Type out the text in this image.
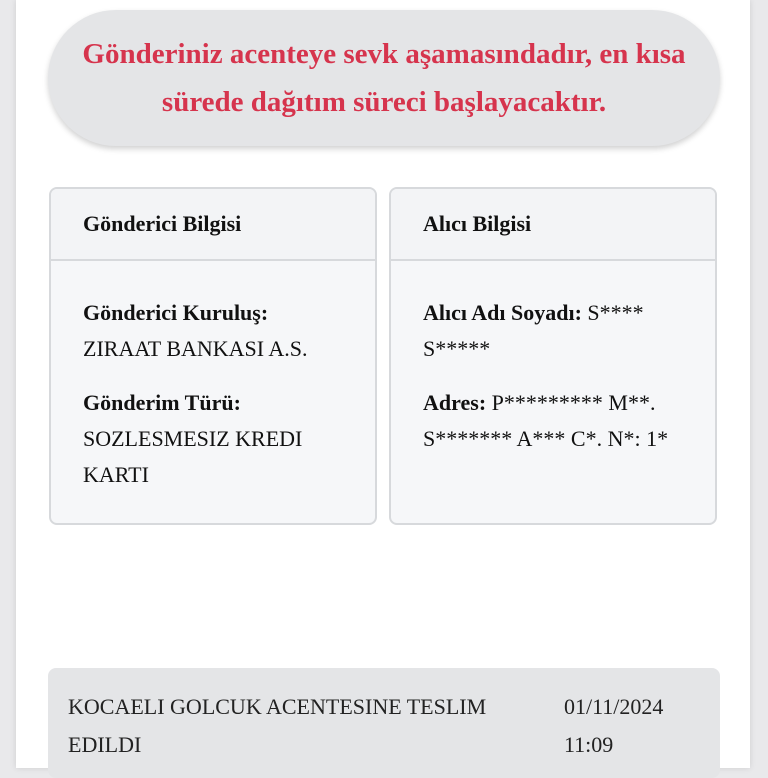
Gönderiniz acenteye sevk aşamasındadır, en kısa sürede dağıtım süreci başlayacaktır.
Gönderici Bilgisi
Gönderici Kuruluş:
ZIRAAT BANKASI A.S.
Gönderim Türü:
SOZLESMESIZ KREDI KARTI
Alıcı Bilgisi
Alıcı Adı Soyadı: S**** S*****
Adres: P********* M**. S******* A*** C*. N*: 1*
KOCAELI GOLCUK ACENTESINE TESLIM EDILDI
01/11/2024
11:09
